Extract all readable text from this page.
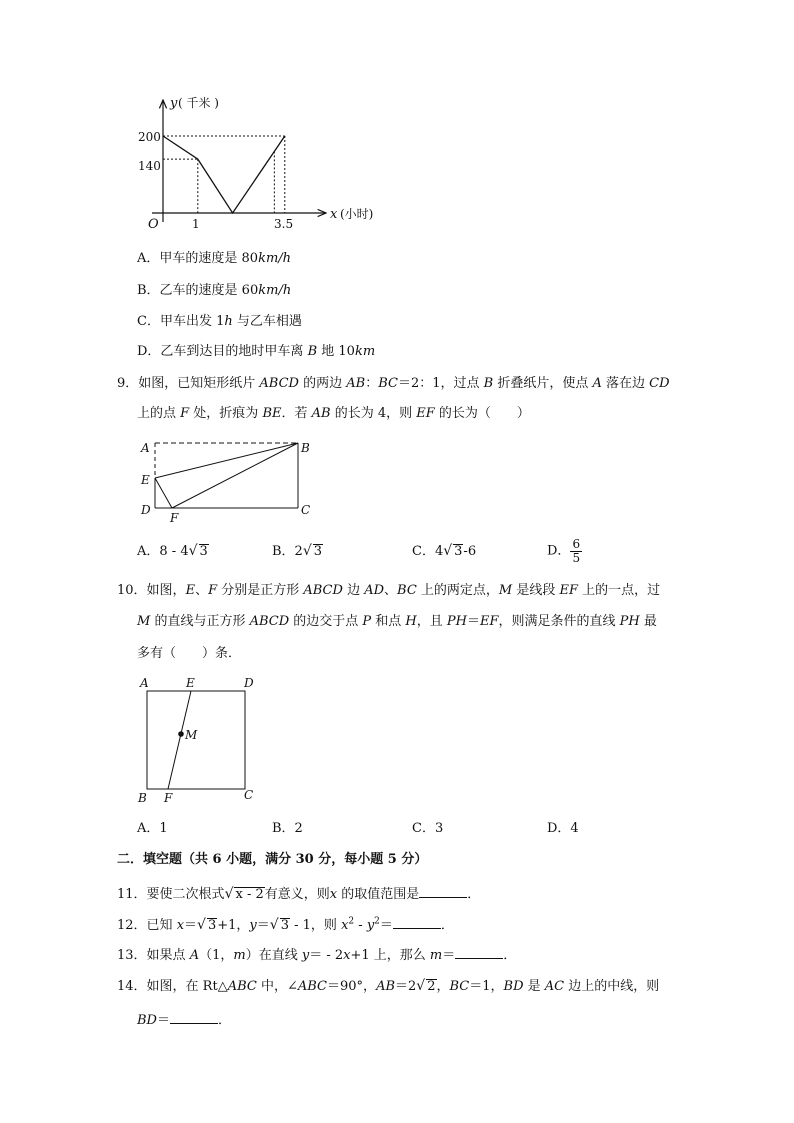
y ( 千米 )
x (小时)
O
200
140
1	3.5
A．甲车的速度是 80km/h
B．乙车的速度是 60km/h
C．甲车出发 1h 与乙车相遇
D．乙车到达目的地时甲车离 B 地 10km
9．如图，已知矩形纸片 ABCD 的两边 AB：BC＝2：1，过点 B 折叠纸片，使点 A 落在边 CD
上的点 F 处，折痕为 BE．若 AB 的长为 4，则 EF 的长为（　　）
A	B
E
D
F
C
A．8 - 4√ 3	B．2√ 3	C．4√ 3-6	D． $\frac{6}{5}$
10．如图，E、F 分别是正方形 ABCD 边 AD、BC 上的两定点，M 是线段 EF 上的一点，过
M 的直线与正方形 ABCD 的边交于点 P 和点 H，且 PH＝EF，则满足条件的直线 PH 最
多有（　　）条．
A	E	D
M
B F	C
A．1	B．2	C．3	D．4
二．填空题（共 6 小题，满分 30 分，每小题 5 分）
11．要使二次根式√ x - 2有意义，则x 的取值范围是	．
12．已知 x＝√ 3+1，y＝√ 3 - 1，则 $x^2 - y^2=$	．
13．如果点 A（1，m）在直线 y＝ - 2x+1 上，那么 m＝	．
14．如图，在 Rt△ABC 中，∠ABC＝90°，AB＝2√ 2，BC＝1，BD 是 AC 边上的中线，则
BD＝	．
